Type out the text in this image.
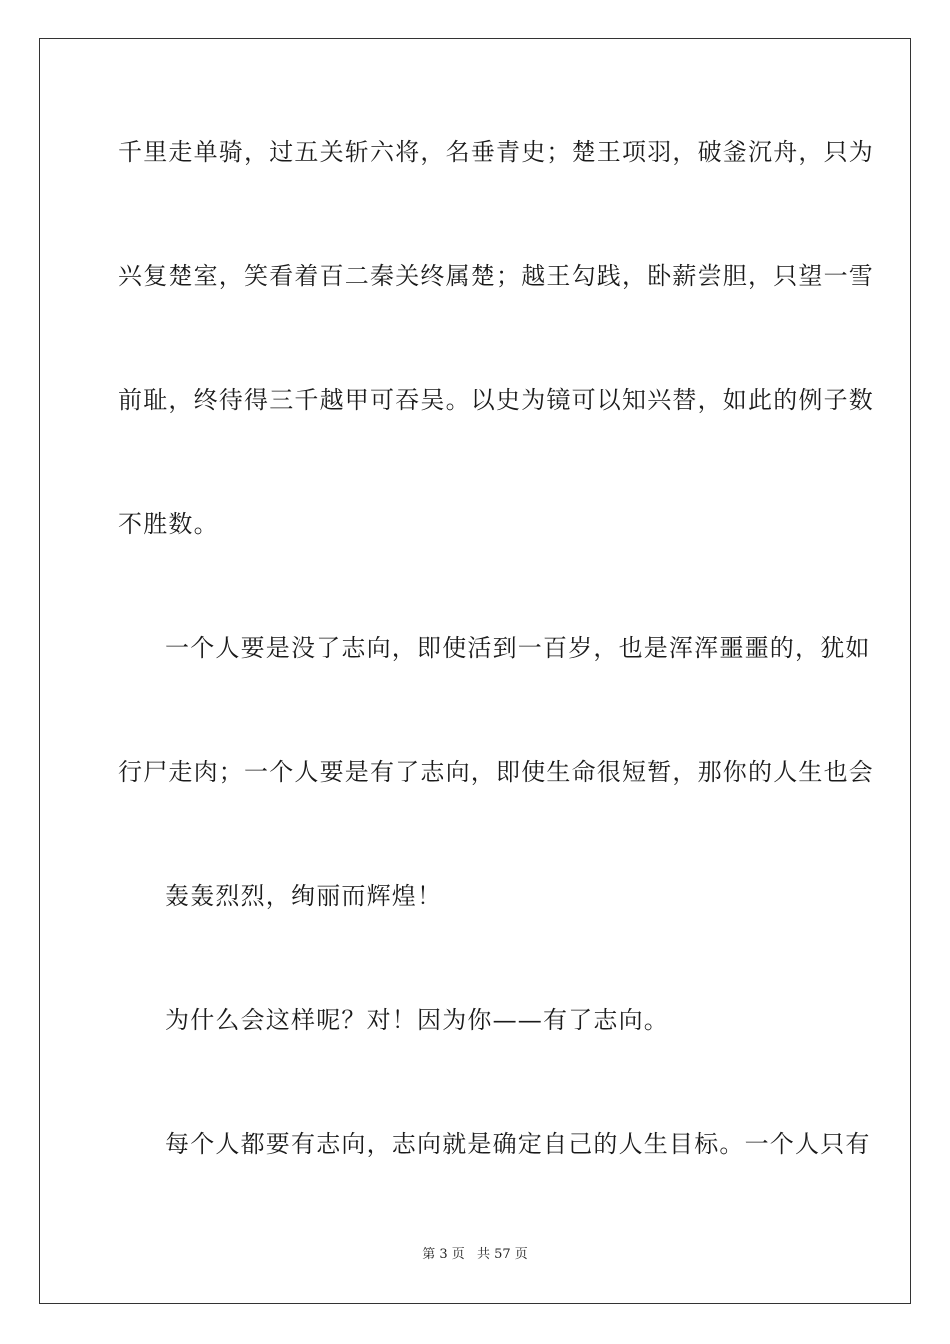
千里走单骑，过五关斩六将，名垂青史；楚王项羽，破釜沉舟，只为
兴复楚室，笑看着百二秦关终属楚；越王勾践，卧薪尝胆，只望一雪
前耻，终待得三千越甲可吞吴。以史为镜可以知兴替，如此的例子数
不胜数。
一个人要是没了志向，即使活到一百岁，也是浑浑噩噩的，犹如
行尸走肉；一个人要是有了志向，即使生命很短暂，那你的人生也会
轰轰烈烈，绚丽而辉煌！
为什么会这样呢？对！因为你——有了志向。
每个人都要有志向，志向就是确定自己的人生目标。一个人只有
第 3 页 共 57 页
